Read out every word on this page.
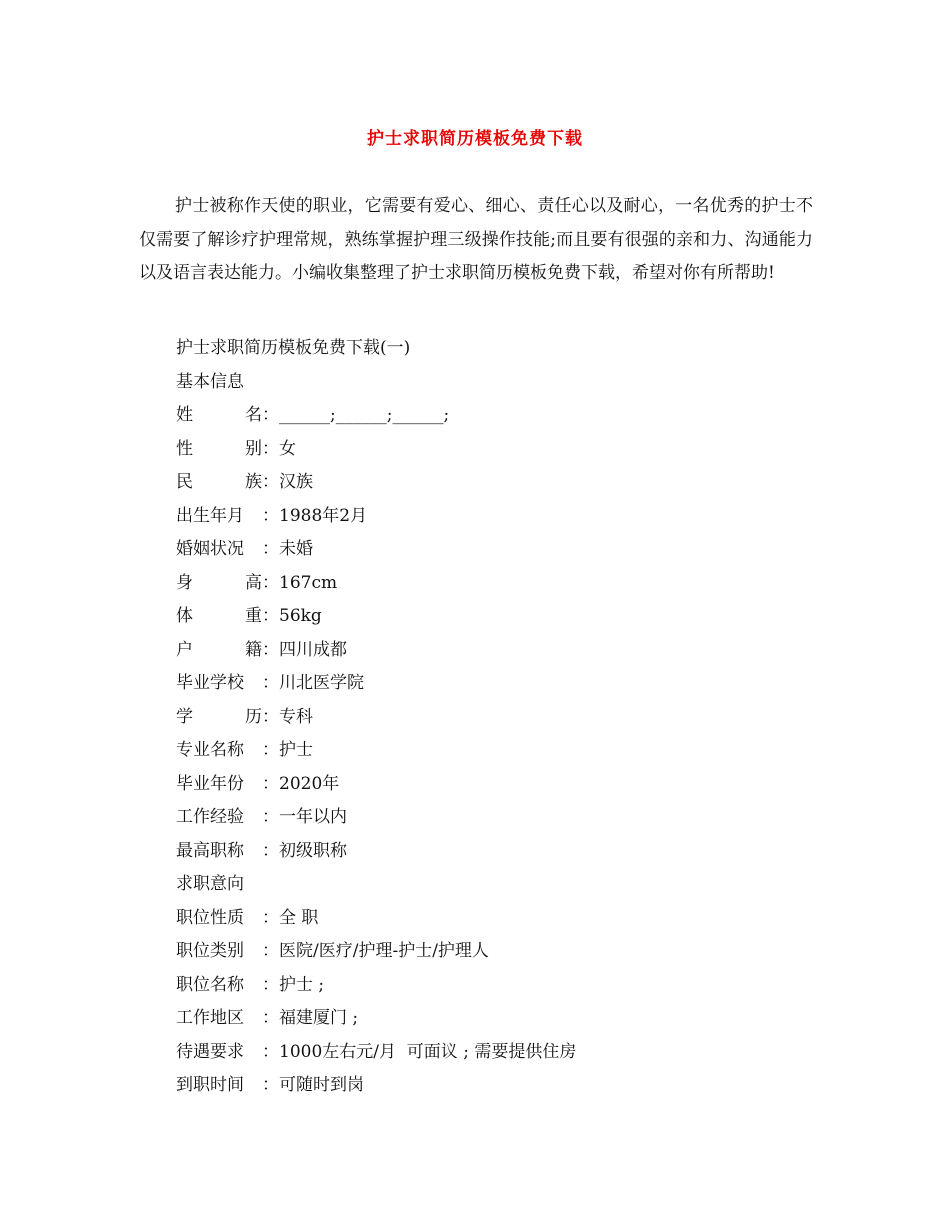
护士求职简历模板免费下载

护士被称作天使的职业，它需要有爱心、细心、责任心以及耐心，一名优秀的护士不仅需要了解诊疗护理常规，熟练掌握护理三级操作技能;而且要有很强的亲和力、沟通能力以及语言表达能力。小编收集整理了护士求职简历模板免费下载，希望对你有所帮助!

护士求职简历模板免费下载(一)
基本信息
姓	名 ： ______;______;______;
性	别 ： 女
民	族 ： 汉族
出生年月	： 1988年2月
婚姻状况	： 未婚
身	高 ： 167cm
体	重 ： 56kg
户	籍 ： 四川成都
毕业学校	： 川北医学院
学	历 ： 专科
专业名称	： 护士
毕业年份	： 2020年
工作经验	： 一年以内
最高职称	： 初级职称
求职意向
职位性质	： 全 职
职位类别	： 医院/医疗/护理-护士/护理人
职位名称	： 护士 ;
工作地区	： 福建厦门 ;
待遇要求	： 1000左右元/月  可面议 ; 需要提供住房
到职时间	： 可随时到岗
